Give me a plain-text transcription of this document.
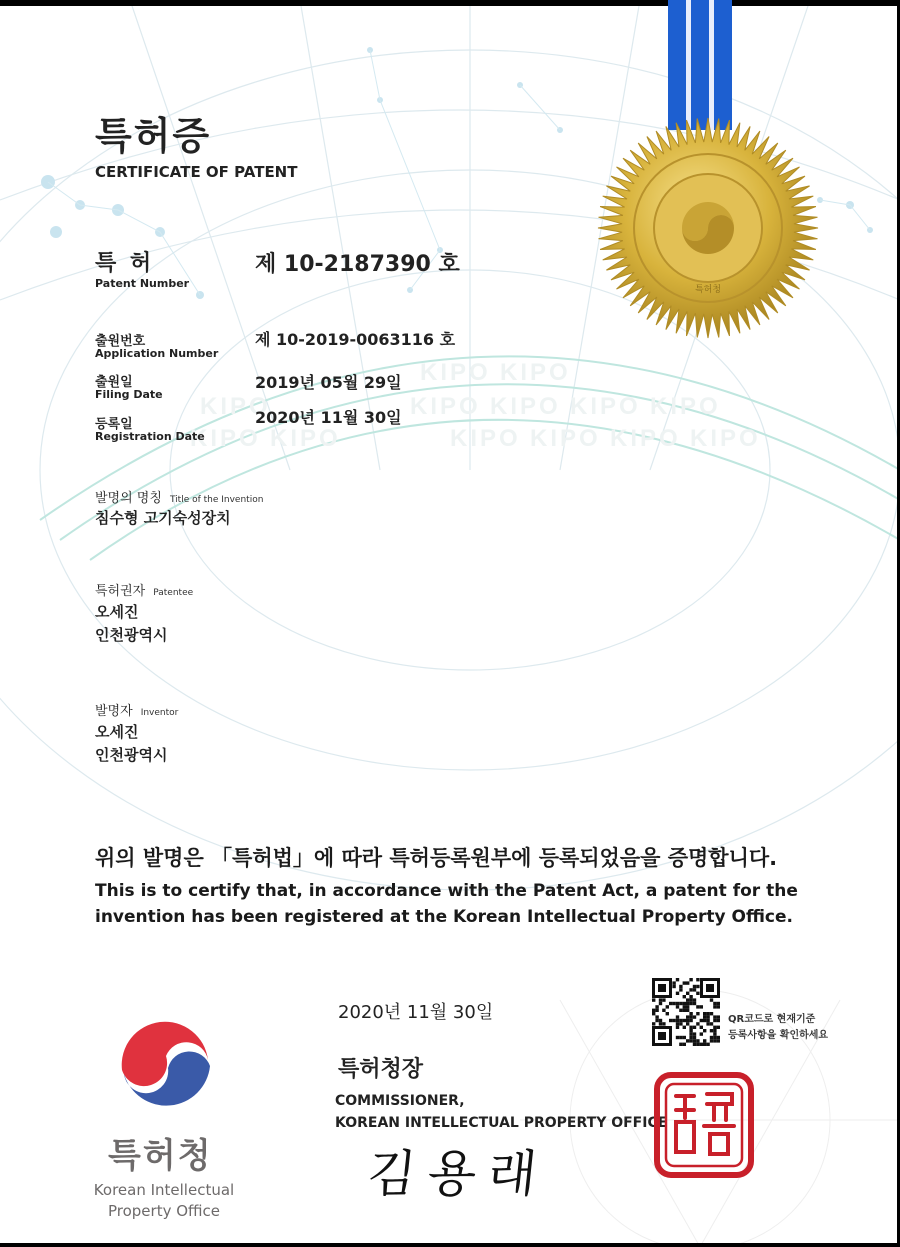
KIPO KIPO
KIPO	KIPO KIPO KIPO KIPO
KIPO KIPO	KIPO KIPO KIPO KIPO
특허청
특허증
CERTIFICATE OF PATENT
특 허
Patent Number
제 10-2187390 호
출원번호
Application Number
제 10-2019-0063116 호
출원일
Filing Date
2019년 05월 29일
등록일
Registration Date
2020년 11월 30일
발명의 명칭 Title of the Invention
침수형 고기숙성장치
특허권자 Patentee
오세진
인천광역시
발명자 Inventor
오세진
인천광역시
위의 발명은 「특허법」에 따라 특허등록원부에 등록되었음을 증명합니다.
This is to certify that, in accordance with the Patent Act, a patent for the invention has been registered at the Korean Intellectual Property Office.
2020년 11월 30일
특허청장
COMMISSIONER,
KOREAN INTELLECTUAL PROPERTY OFFICE
김용래
특허청
Korean Intellectual
Property Office
QR코드로 현재기준
등록사항을 확인하세요
